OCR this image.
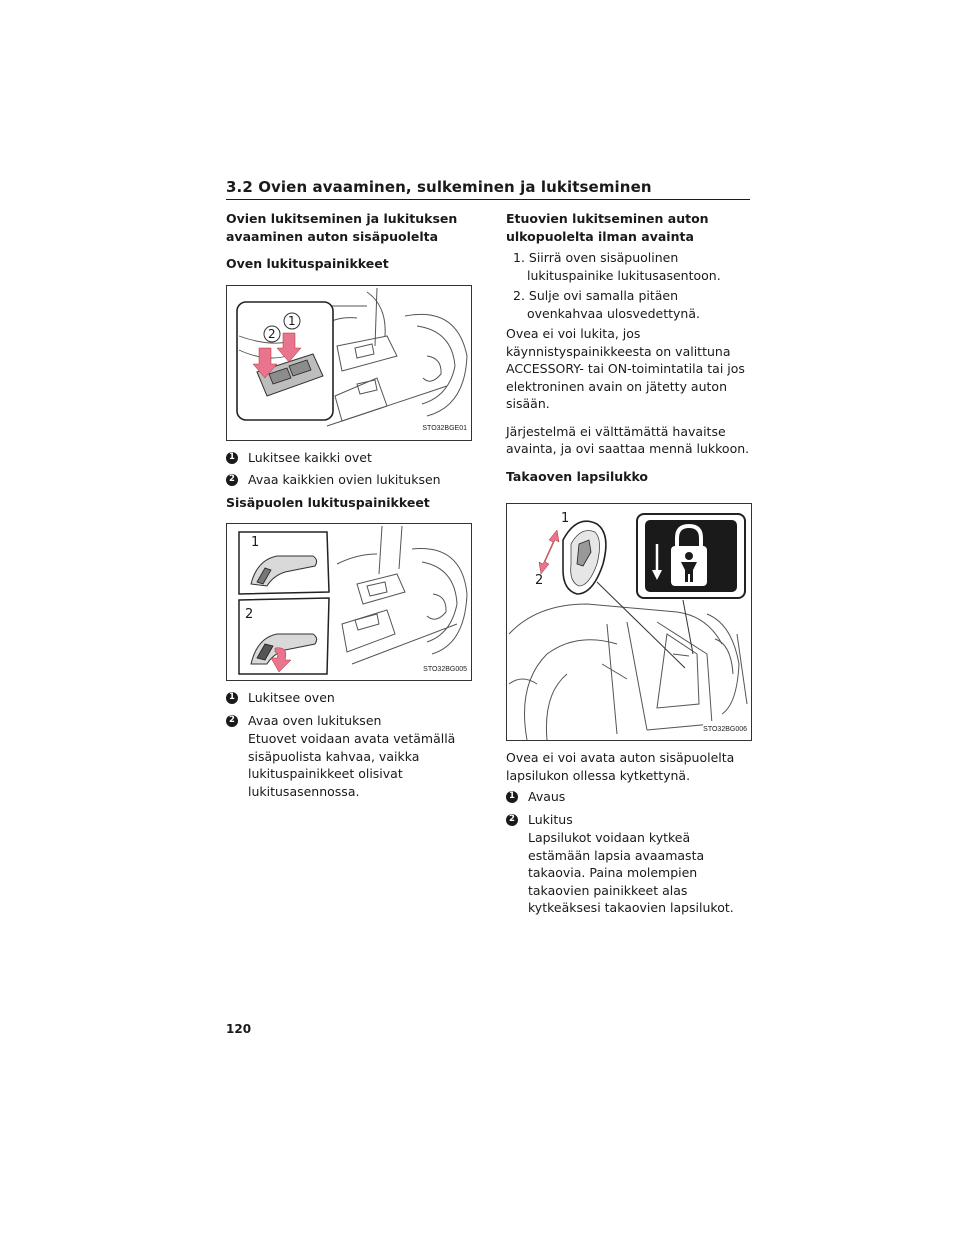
3.2 Ovien avaaminen, sulkeminen ja lukitseminen
Ovien lukitseminen ja lukituksen avaaminen auton sisäpuolelta
Oven lukituspainikkeet
1
2
STO32BGE01
1 Lukitsee kaikki ovet
2 Avaa kaikkien ovien lukituksen
Sisäpuolen lukituspainikkeet
1
2
STO32BG005
1 Lukitsee oven
2 Avaa oven lukituksen
Etuovet voidaan avata vetämällä sisäpuolista kahvaa, vaikka lukituspainikkeet olisivat lukitusasennossa.
Etuovien lukitseminen auton ulkopuolelta ilman avainta
1. Siirrä oven sisäpuolinen lukituspainike lukitusasentoon.
2. Sulje ovi samalla pitäen ovenkahvaa ulosvedettynä.
Ovea ei voi lukita, jos käynnistyspainikkeesta on valittuna ACCESSORY- tai ON-toimintatila tai jos elektroninen avain on jätetty auton sisään.
Järjestelmä ei välttämättä havaitse avainta, ja ovi saattaa mennä lukkoon.
Takaoven lapsilukko
1
2
STO32BG006
Ovea ei voi avata auton sisäpuolelta lapsilukon ollessa kytkettynä.
1 Avaus
2 Lukitus
Lapsilukot voidaan kytkeä estämään lapsia avaamasta takaovia. Paina molempien takaovien painikkeet alas kytkeäksesi takaovien lapsilukot.
120
